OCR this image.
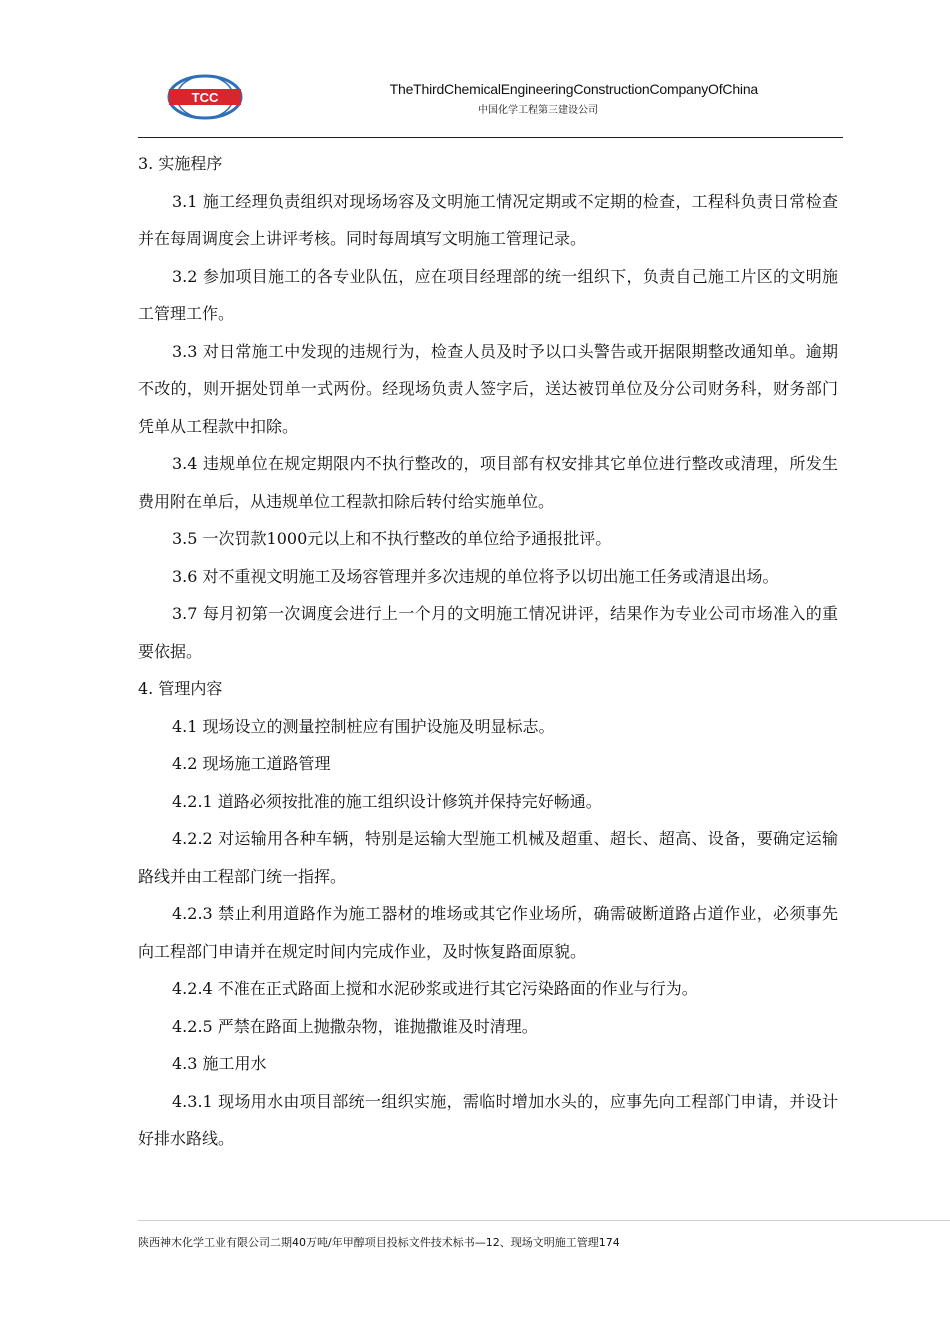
TCC
TheThirdChemicalEngineeringConstructionCompanyOfChina
中国化学工程第三建设公司

3. 实施程序

3.1 施工经理负责组织对现场场容及文明施工情况定期或不定期的检查，工程科负责日常检查并在每周调度会上讲评考核。同时每周填写文明施工管理记录。

3.2 参加项目施工的各专业队伍，应在项目经理部的统一组织下，负责自己施工片区的文明施工管理工作。

3.3 对日常施工中发现的违规行为，检查人员及时予以口头警告或开据限期整改通知单。逾期不改的，则开据处罚单一式两份。经现场负责人签字后，送达被罚单位及分公司财务科，财务部门凭单从工程款中扣除。

3.4 违规单位在规定期限内不执行整改的，项目部有权安排其它单位进行整改或清理，所发生费用附在单后，从违规单位工程款扣除后转付给实施单位。

3.5 一次罚款1000元以上和不执行整改的单位给予通报批评。

3.6 对不重视文明施工及场容管理并多次违规的单位将予以切出施工任务或清退出场。

3.7 每月初第一次调度会进行上一个月的文明施工情况讲评，结果作为专业公司市场准入的重要依据。

4. 管理内容

4.1 现场设立的测量控制桩应有围护设施及明显标志。

4.2 现场施工道路管理

4.2.1 道路必须按批准的施工组织设计修筑并保持完好畅通。

4.2.2 对运输用各种车辆，特别是运输大型施工机械及超重、超长、超高、设备，要确定运输路线并由工程部门统一指挥。

4.2.3 禁止利用道路作为施工器材的堆场或其它作业场所，确需破断道路占道作业，必须事先向工程部门申请并在规定时间内完成作业，及时恢复路面原貌。

4.2.4 不准在正式路面上搅和水泥砂浆或进行其它污染路面的作业与行为。

4.2.5 严禁在路面上抛撒杂物，谁抛撒谁及时清理。

4.3 施工用水

4.3.1 现场用水由项目部统一组织实施，需临时增加水头的，应事先向工程部门申请，并设计好排水路线。

陕西神木化学工业有限公司二期40万吨/年甲醇项目投标文件技术标书—12、现场文明施工管理174
